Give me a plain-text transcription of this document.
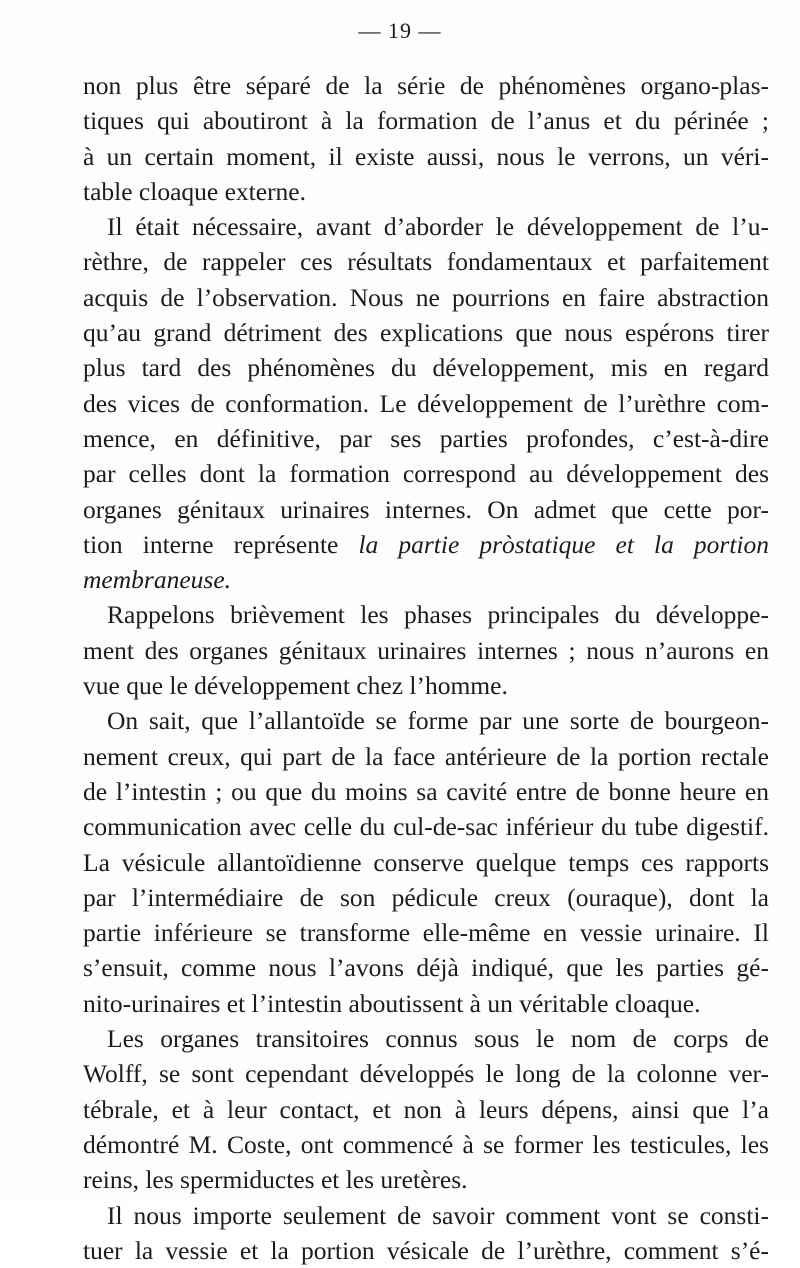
— 19 —
non plus être séparé de la série de phénomènes organo-plas-
tiques qui aboutiront à la formation de l’anus et du périnée ;
à un certain moment, il existe aussi, nous le verrons, un véri-
table cloaque externe.
Il était nécessaire, avant d’aborder le développement de l’u-
rèthre, de rappeler ces résultats fondamentaux et parfaitement
acquis de l’observation. Nous ne pourrions en faire abstraction
qu’au grand détriment des explications que nous espérons tirer
plus tard des phénomènes du développement, mis en regard
des vices de conformation. Le développement de l’urèthre com-
mence, en définitive, par ses parties profondes, c’est-à-dire
par celles dont la formation correspond au développement des
organes génitaux urinaires internes. On admet que cette por-
tion interne représente la partie pròstatique et la portion
membraneuse.
Rappelons brièvement les phases principales du développe-
ment des organes génitaux urinaires internes ; nous n’aurons en
vue que le développement chez l’homme.
On sait, que l’allantoïde se forme par une sorte de bourgeon-
nement creux, qui part de la face antérieure de la portion rectale
de l’intestin ; ou que du moins sa cavité entre de bonne heure en
communication avec celle du cul-de-sac inférieur du tube digestif.
La vésicule allantoïdienne conserve quelque temps ces rapports
par l’intermédiaire de son pédicule creux (ouraque), dont la
partie inférieure se transforme elle-même en vessie urinaire. Il
s’ensuit, comme nous l’avons déjà indiqué, que les parties gé-
nito-urinaires et l’intestin aboutissent à un véritable cloaque.
Les organes transitoires connus sous le nom de corps de
Wolff, se sont cependant développés le long de la colonne ver-
tébrale, et à leur contact, et non à leurs dépens, ainsi que l’a
démontré M. Coste, ont commencé à se former les testicules, les
reins, les spermiductes et les uretères.
Il nous importe seulement de savoir comment vont se consti-
tuer la vessie et la portion vésicale de l’urèthre, comment s’é-
